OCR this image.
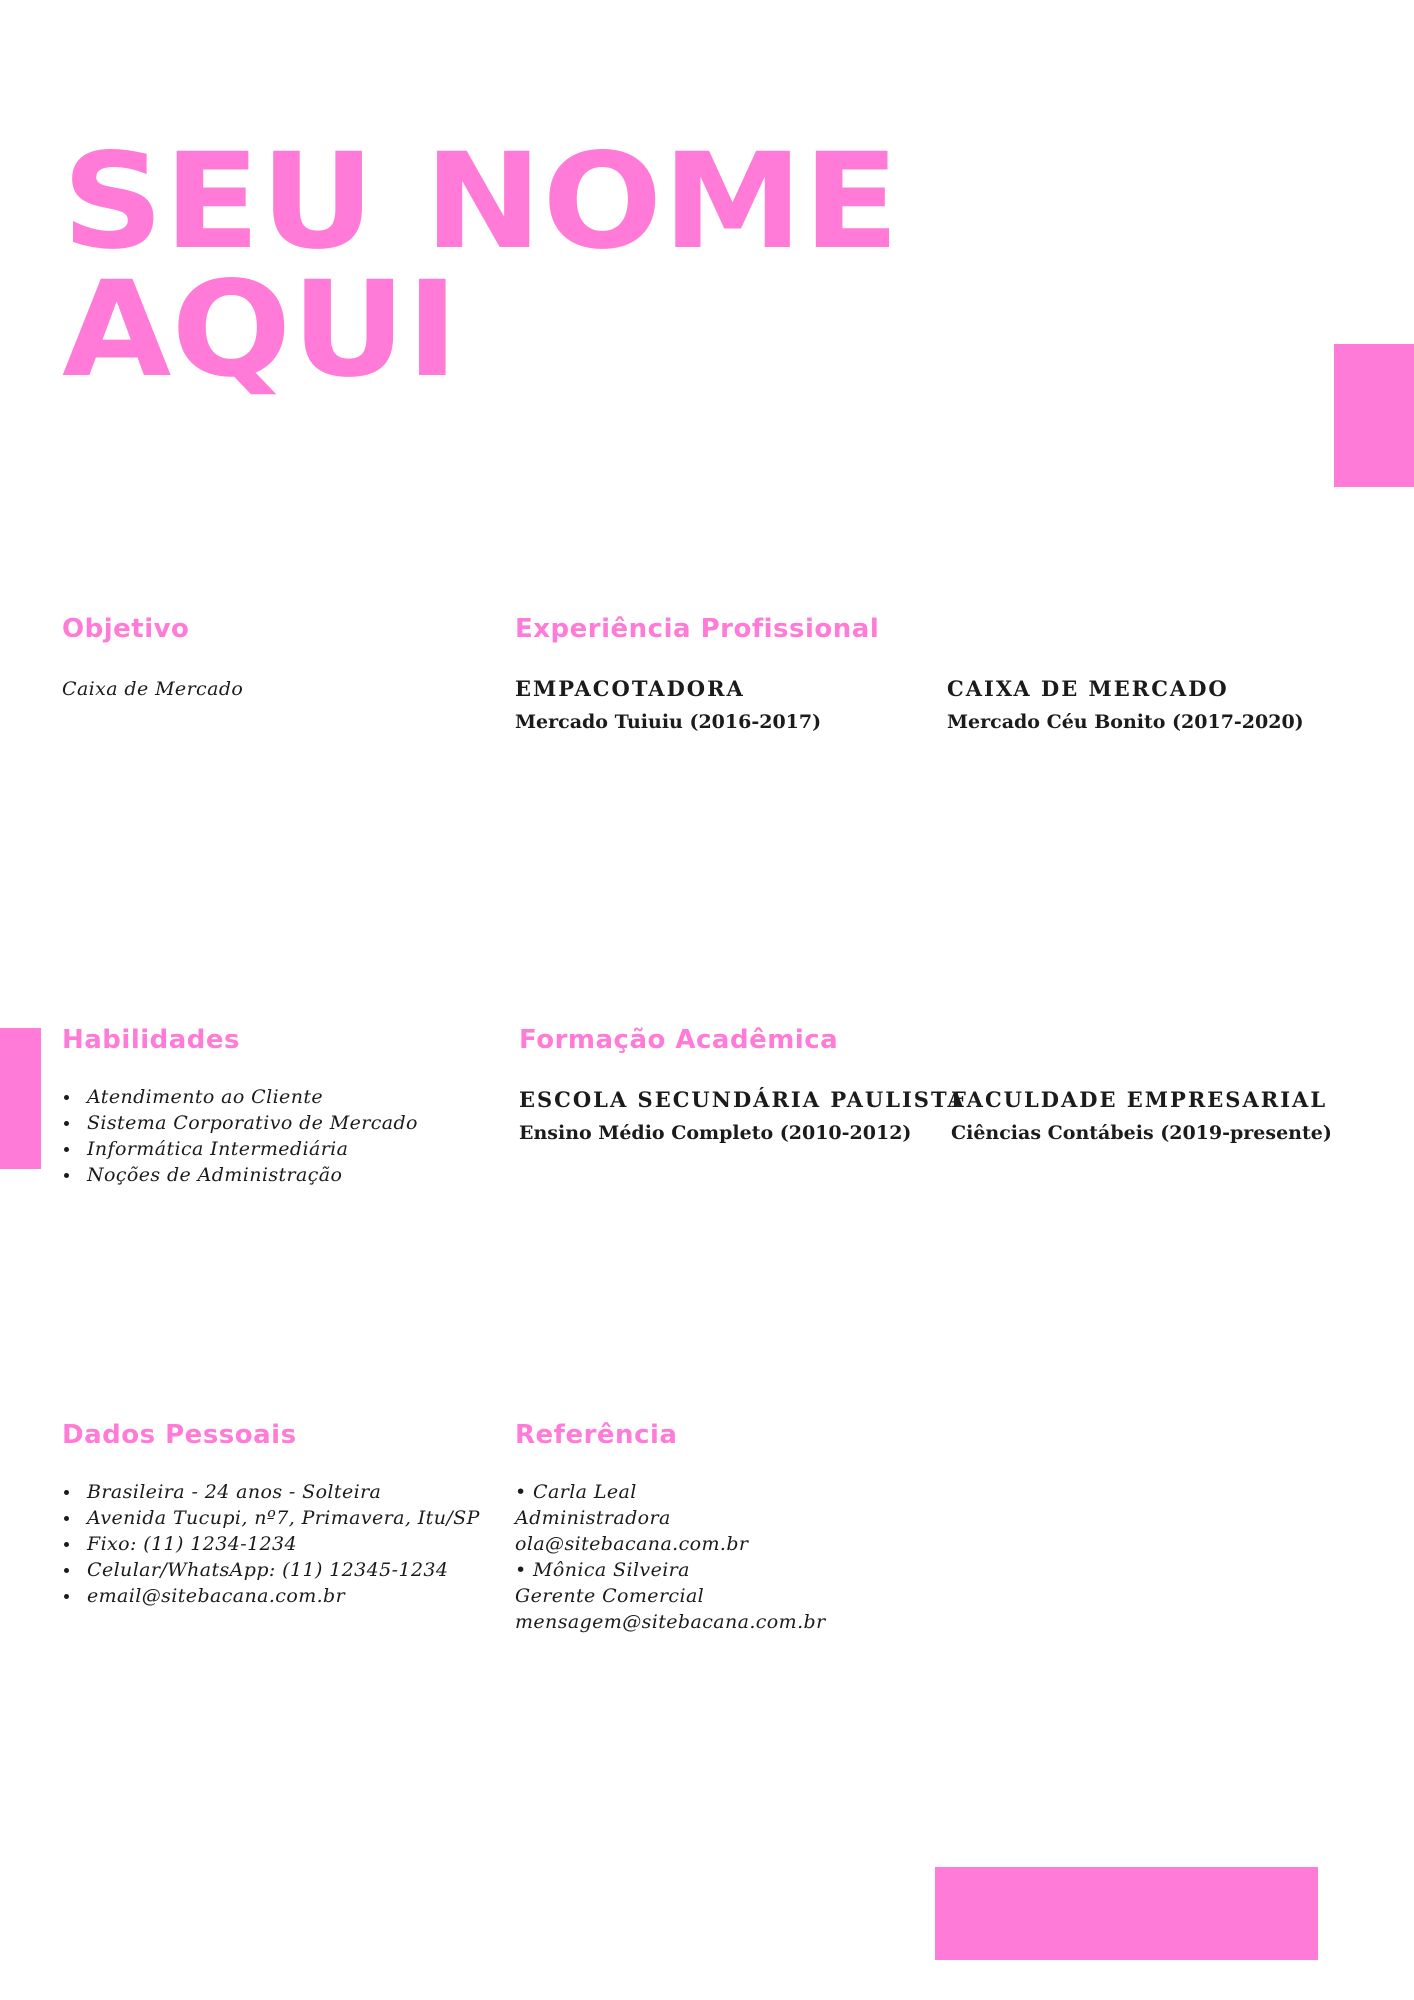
SEU NOME
AQUI
Objetivo
Caixa de Mercado
Experiência Profissional
EMPACOTADORA
Mercado Tuiuiu (2016-2017)
CAIXA DE MERCADO
Mercado Céu Bonito (2017-2020)
Habilidades
Atendimento ao Cliente
Sistema Corporativo de Mercado
Informática Intermediária
Noções de Administração
Formação Acadêmica
ESCOLA SECUNDÁRIA PAULISTA
Ensino Médio Completo (2010-2012)
FACULDADE EMPRESARIAL
Ciências Contábeis (2019-presente)
Dados Pessoais
Brasileira - 24 anos - Solteira
Avenida Tucupi, nº7, Primavera, Itu/SP
Fixo: (11) 1234-1234
Celular/WhatsApp: (11) 12345-1234
email@sitebacana.com.br
Referência
• Carla Leal
Administradora
ola@sitebacana.com.br
• Mônica Silveira
Gerente Comercial
mensagem@sitebacana.com.br
